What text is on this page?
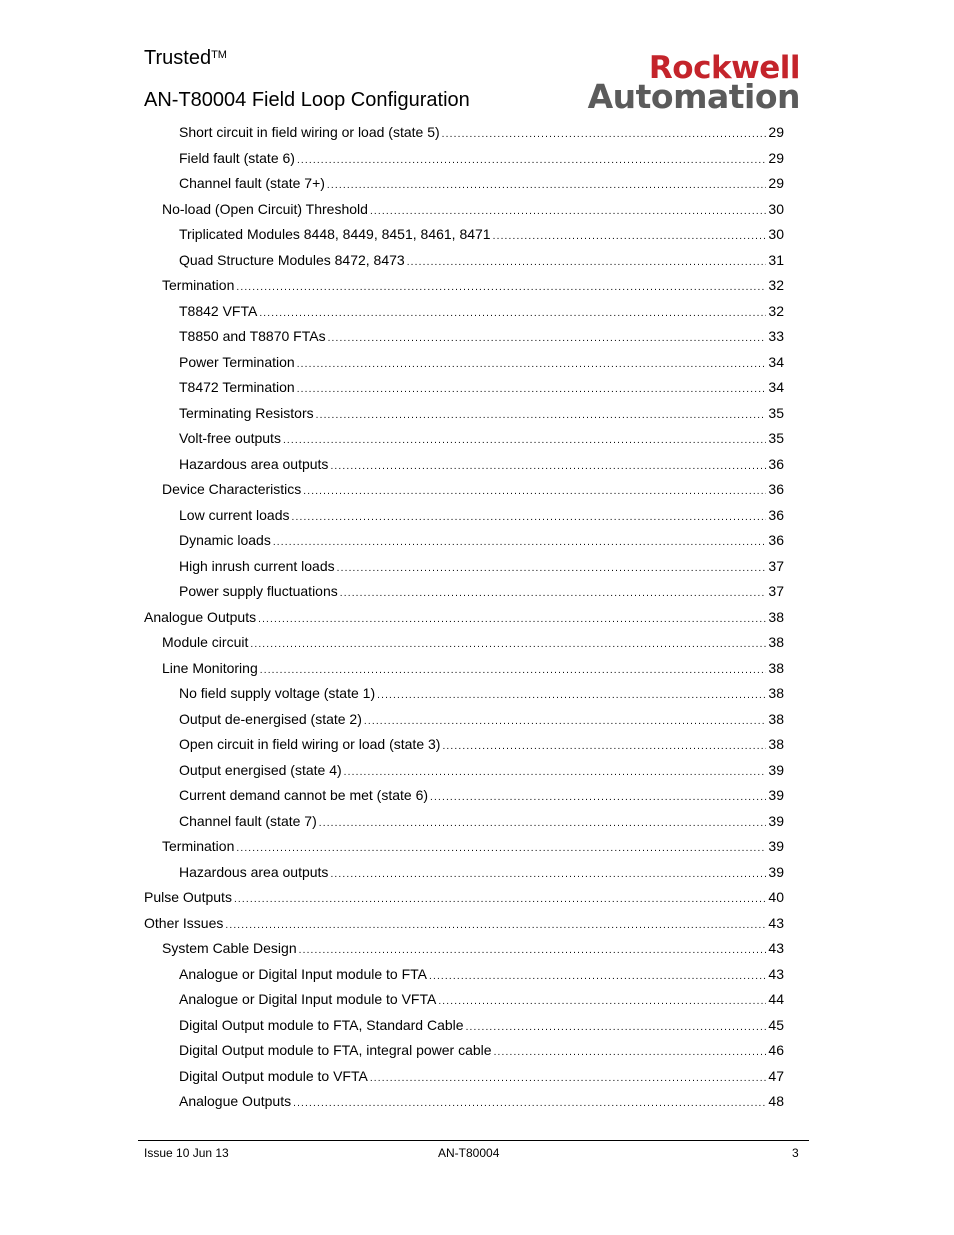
Trusted™
AN-T80004 Field Loop Configuration
Rockwell
Automation
Short circuit in field wiring or load (state 5) .....	29
Field fault (state 6) .....	29
Channel fault (state 7+) .....	29
No-load (Open Circuit) Threshold .....	30
Triplicated Modules 8448, 8449, 8451, 8461, 8471 .....	30
Quad Structure Modules 8472, 8473 .....	31
Termination .....	32
T8842 VFTA .....	32
T8850 and T8870 FTAs .....	33
Power Termination .....	34
T8472 Termination .....	34
Terminating Resistors .....	35
Volt-free outputs .....	35
Hazardous area outputs .....	36
Device Characteristics .....	36
Low current loads .....	36
Dynamic loads .....	36
High inrush current loads .....	37
Power supply fluctuations .....	37
Analogue Outputs .....	38
Module circuit .....	38
Line Monitoring .....	38
No field supply voltage (state 1) .....	38
Output de-energised (state 2) .....	38
Open circuit in field wiring or load (state 3) .....	38
Output energised (state 4) .....	39
Current demand cannot be met (state 6) .....	39
Channel fault (state 7) .....	39
Termination .....	39
Hazardous area outputs .....	39
Pulse Outputs .....	40
Other Issues .....	43
System Cable Design .....	43
Analogue or Digital Input module to FTA .....	43
Analogue or Digital Input module to VFTA .....	44
Digital Output module to FTA, Standard Cable .....	45
Digital Output module to FTA, integral power cable .....	46
Digital Output module to VFTA .....	47
Analogue Outputs .....	48
Issue 10 Jun 13	AN-T80004	3
